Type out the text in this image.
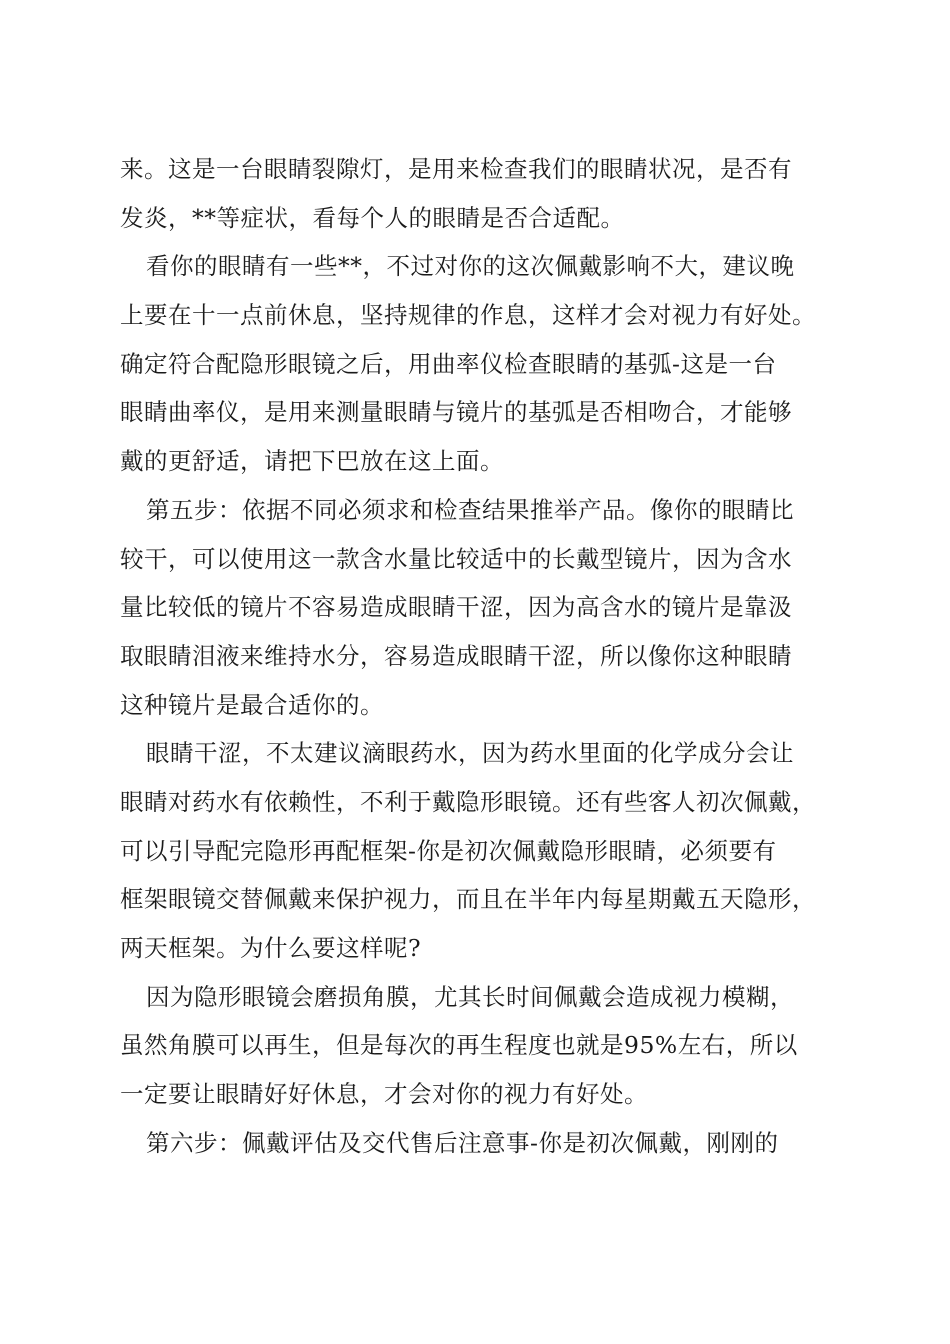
来。这是一台眼睛裂隙灯，是用来检查我们的眼睛状况，是否有
发炎，**等症状，看每个人的眼睛是否合适配。
看你的眼睛有一些**，不过对你的这次佩戴影响不大，建议晚
上要在十一点前休息，坚持规律的作息，这样才会对视力有好处。
确定符合配隐形眼镜之后，用曲率仪检查眼睛的基弧-这是一台
眼睛曲率仪，是用来测量眼睛与镜片的基弧是否相吻合，才能够
戴的更舒适，请把下巴放在这上面。
第五步：依据不同必须求和检查结果推举产品。像你的眼睛比
较干，可以使用这一款含水量比较适中的长戴型镜片，因为含水
量比较低的镜片不容易造成眼睛干涩，因为高含水的镜片是靠汲
取眼睛泪液来维持水分，容易造成眼睛干涩，所以像你这种眼睛
这种镜片是最合适你的。
眼睛干涩，不太建议滴眼药水，因为药水里面的化学成分会让
眼睛对药水有依赖性，不利于戴隐形眼镜。还有些客人初次佩戴，
可以引导配完隐形再配框架-你是初次佩戴隐形眼睛，必须要有
框架眼镜交替佩戴来保护视力，而且在半年内每星期戴五天隐形，
两天框架。为什么要这样呢?
因为隐形眼镜会磨损角膜，尤其长时间佩戴会造成视力模糊，
虽然角膜可以再生，但是每次的再生程度也就是95%左右，所以
一定要让眼睛好好休息，才会对你的视力有好处。
第六步：佩戴评估及交代售后注意事-你是初次佩戴，刚刚的
